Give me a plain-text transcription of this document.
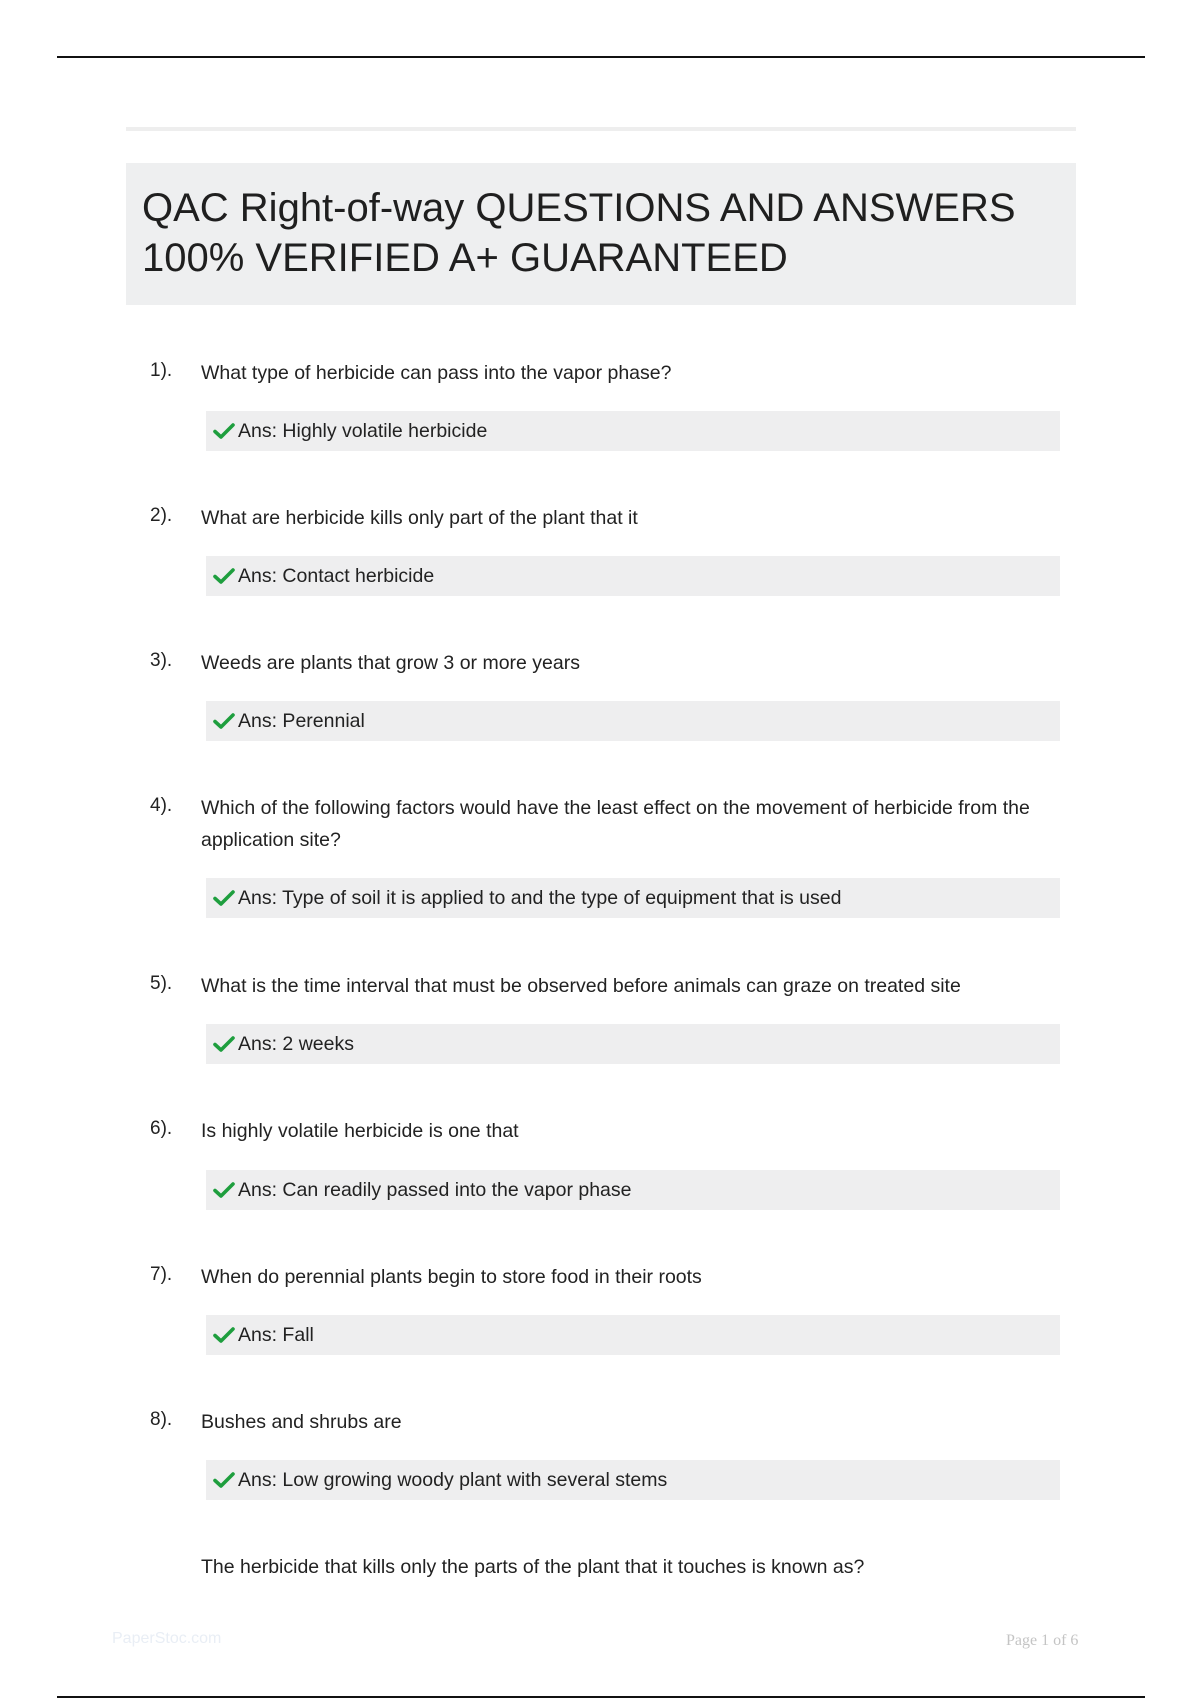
QAC Right-of-way QUESTIONS AND ANSWERS
100% VERIFIED A+ GUARANTEED
1). What type of herbicide can pass into the vapor phase?
Ans: Highly volatile herbicide
2). What are herbicide kills only part of the plant that it
Ans: Contact herbicide
3). Weeds are plants that grow 3 or more years
Ans: Perennial
4). Which of the following factors would have the least effect on the movement of herbicide from the application site?
Ans: Type of soil it is applied to and the type of equipment that is used
5). What is the time interval that must be observed before animals can graze on treated site
Ans: 2 weeks
6). Is highly volatile herbicide is one that
Ans: Can readily passed into the vapor phase
7). When do perennial plants begin to store food in their roots
Ans: Fall
8). Bushes and shrubs are
Ans: Low growing woody plant with several stems
The herbicide that kills only the parts of the plant that it touches is known as?
PaperStoc.com	Page 1 of 6
